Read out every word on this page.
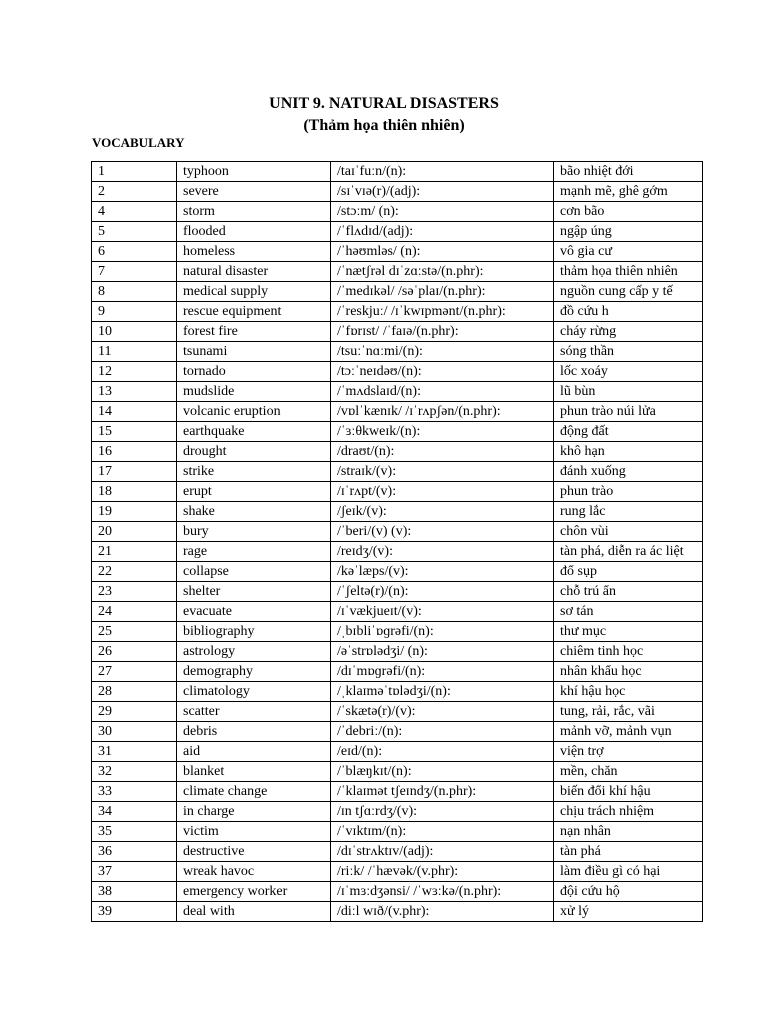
UNIT 9. NATURAL DISASTERS
(Thảm họa thiên nhiên)
VOCABULARY
1	typhoon	/taɪˈfuːn/(n):	bão nhiệt đới
2	severe	/sɪˈvɪə(r)/(adj):	mạnh mẽ, ghê gớm
4	storm	/stɔːm/ (n):	cơn bão
5	flooded	/ˈflʌdɪd/(adj):	ngập úng
6	homeless	/ˈhəʊmləs/ (n):	vô gia cư
7	natural disaster	/ˈnætʃrəl dɪˈzɑːstə/(n.phr):	thảm họa thiên nhiên
8	medical supply	/ˈmedɪkəl/ /səˈplaɪ/(n.phr):	nguồn cung cấp y tế
9	rescue equipment	/ˈreskjuː/ /ɪˈkwɪpmənt/(n.phr):	đồ cứu h
10	forest fire	/ˈfɒrɪst/ /ˈfaɪə/(n.phr):	cháy rừng
11	tsunami	/tsuːˈnɑːmi/(n):	sóng thần
12	tornado	/tɔːˈneɪdəʊ/(n):	lốc xoáy
13	mudslide	/ˈmʌdslaɪd/(n):	lũ bùn
14	volcanic eruption	/vɒlˈkænɪk/ /ɪˈrʌpʃən/(n.phr):	phun trào núi lửa
15	earthquake	/ˈɜːθkweɪk/(n):	động đất
16	drought	/draʊt/(n):	khô hạn
17	strike	/straɪk/(v):	đánh xuống
18	erupt	/ɪˈrʌpt/(v):	phun trào
19	shake	/ʃeɪk/(v):	rung lắc
20	bury	/ˈberi/(v) (v):	chôn vùi
21	rage	/reɪdʒ/(v):	tàn phá, diễn ra ác liệt
22	collapse	/kəˈlæps/(v):	đổ sụp
23	shelter	/ˈʃeltə(r)/(n):	chỗ trú ẩn
24	evacuate	/ɪˈvækjueɪt/(v):	sơ tán
25	bibliography	/ˌbɪbliˈɒɡrəfi/(n):	thư mục
26	astrology	/əˈstrɒlədʒi/ (n):	chiêm tinh học
27	demography	/dɪˈmɒɡrəfi/(n):	nhân khẩu học
28	climatology	/ˌklaɪməˈtɒlədʒi/(n):	khí hậu học
29	scatter	/ˈskætə(r)/(v):	tung, rải, rắc, vãi
30	debris	/ˈdebriː/(n):	mảnh vỡ, mảnh vụn
31	aid	/eɪd/(n):	viện trợ
32	blanket	/ˈblæŋkɪt/(n):	mền, chăn
33	climate change	/ˈklaɪmət tʃeɪndʒ/(n.phr):	biến đổi khí hậu
34	in charge	/ɪn tʃɑːrdʒ/(v):	chịu trách nhiệm
35	victim	/ˈvɪktɪm/(n):	nạn nhân
36	destructive	/dɪˈstrʌktɪv/(adj):	tàn phá
37	wreak havoc	/riːk/ /ˈhævək/(v.phr):	làm điều gì có hại
38	emergency worker	/ɪˈmɜːdʒənsi/ /ˈwɜːkə/(n.phr):	đội cứu hộ
39	deal with	/diːl wɪð/(v.phr):	xử lý
